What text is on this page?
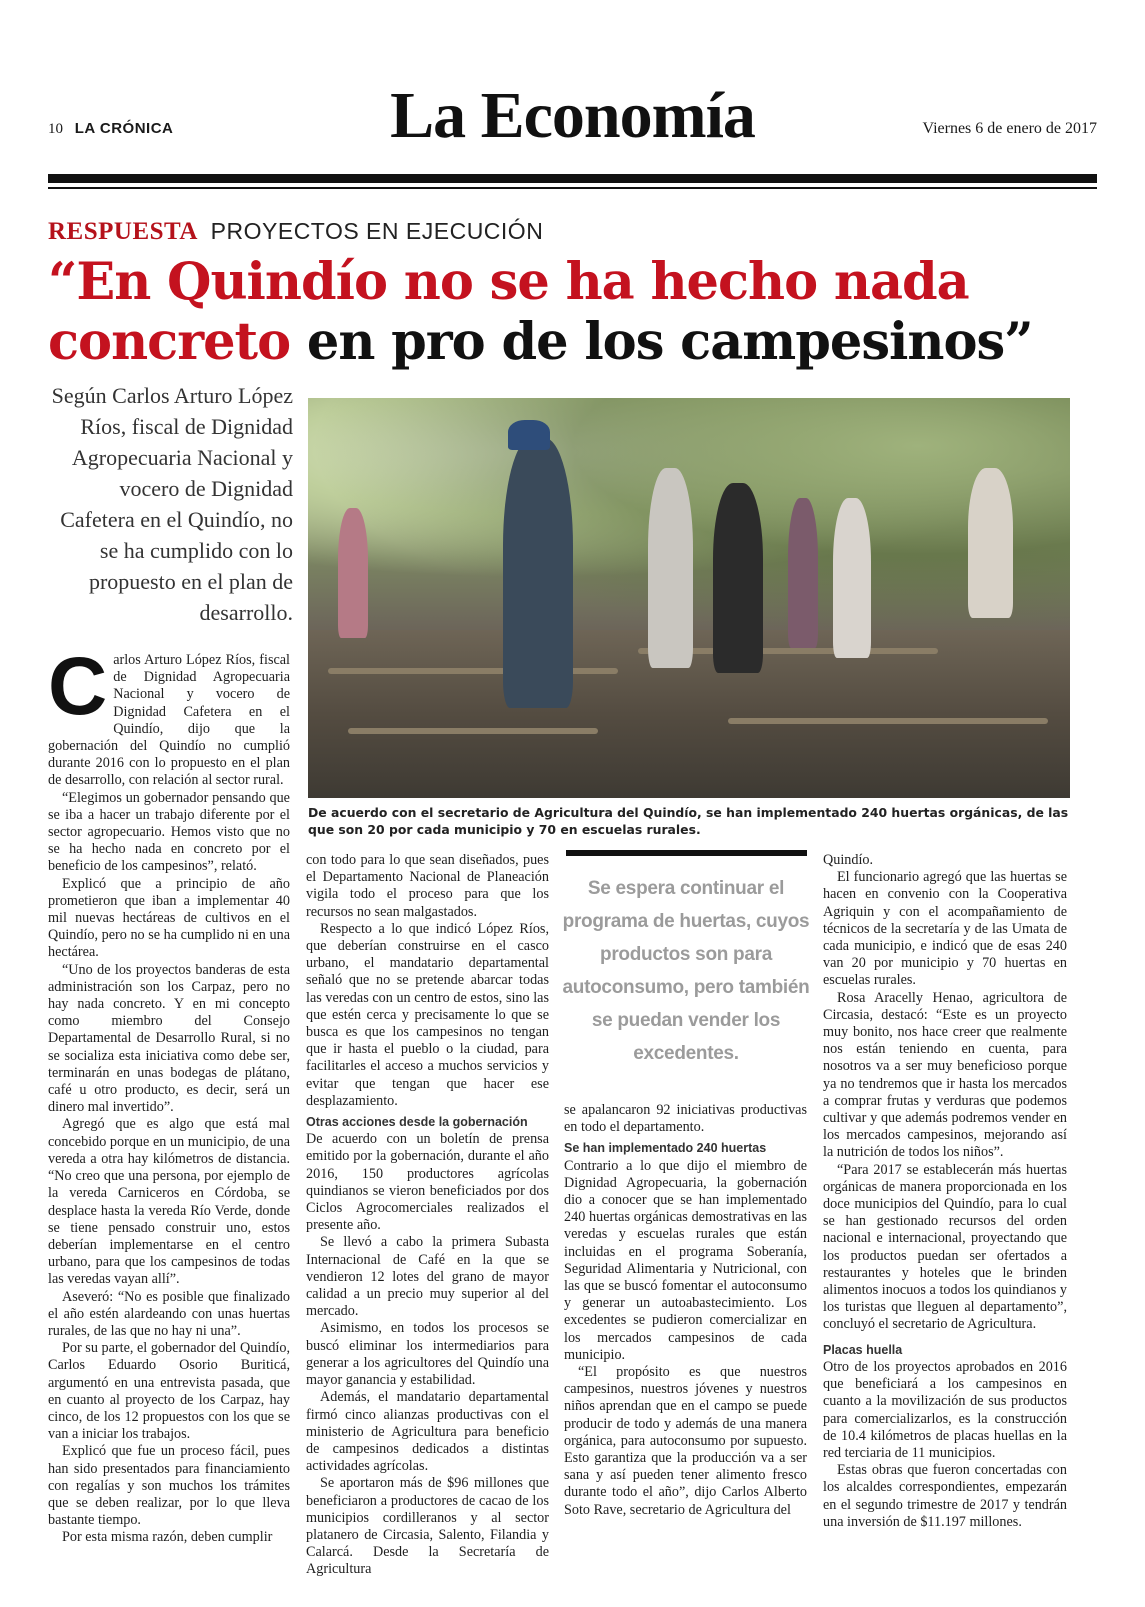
10 LA CRÓNICA	La Economía	Viernes 6 de enero de 2017
RESPUESTA PROYECTOS EN EJECUCIÓN
“En Quindío no se ha hecho nada concreto en pro de los campesinos”
Según Carlos Arturo López Ríos, fiscal de Dignidad Agropecuaria Nacional y vocero de Dignidad Cafetera en el Quindío, no se ha cumplido con lo propuesto en el plan de desarrollo.
De acuerdo con el secretario de Agricultura del Quindío, se han implementado 240 huertas orgánicas, de las que son 20 por cada municipio y 70 en escuelas rurales.

Carlos Arturo López Ríos, fiscal de Dignidad Agropecuaria Nacional y vocero de Dignidad Cafetera en el Quindío, dijo que la gobernación del Quindío no cumplió durante 2016 con lo propuesto en el plan de desarrollo, con relación al sector rural.

“Elegimos un gobernador pensando que se iba a hacer un trabajo diferente por el sector agropecuario. Hemos visto que no se ha hecho nada en concreto por el beneficio de los campesinos”, relató.

Explicó que a principio de año prometieron que iban a implementar 40 mil nuevas hectáreas de cultivos en el Quindío, pero no se ha cumplido ni en una hectárea.

“Uno de los proyectos banderas de esta administración son los Carpaz, pero no hay nada concreto. Y en mi concepto como miembro del Consejo Departamental de Desarrollo Rural, si no se socializa esta iniciativa como debe ser, terminarán en unas bodegas de plátano, café u otro producto, es decir, será un dinero mal invertido”.

Agregó que es algo que está mal concebido porque en un municipio, de una vereda a otra hay kilómetros de distancia. “No creo que una persona, por ejemplo de la vereda Carniceros en Córdoba, se desplace hasta la vereda Río Verde, donde se tiene pensado construir uno, estos deberían implementarse en el centro urbano, para que los campesinos de todas las veredas vayan allí”.

Aseveró: “No es posible que finalizado el año estén alardeando con unas huertas rurales, de las que no hay ni una”.

Por su parte, el gobernador del Quindío, Carlos Eduardo Osorio Buriticá, argumentó en una entrevista pasada, que en cuanto al proyecto de los Carpaz, hay cinco, de los 12 propuestos con los que se van a iniciar los trabajos.

Explicó que fue un proceso fácil, pues han sido presentados para financiamiento con regalías y son muchos los trámites que se deben realizar, por lo que lleva bastante tiempo.

Por esta misma razón, deben cumplir

con todo para lo que sean diseñados, pues el Departamento Nacional de Planeación vigila todo el proceso para que los recursos no sean malgastados.

Respecto a lo que indicó López Ríos, que deberían construirse en el casco urbano, el mandatario departamental señaló que no se pretende abarcar todas las veredas con un centro de estos, sino las que estén cerca y precisamente lo que se busca es que los campesinos no tengan que ir hasta el pueblo o la ciudad, para facilitarles el acceso a muchos servicios y evitar que tengan que hacer ese desplazamiento.

Otras acciones desde la gobernación

De acuerdo con un boletín de prensa emitido por la gobernación, durante el año 2016, 150 productores agrícolas quindianos se vieron beneficiados por dos Ciclos Agrocomerciales realizados el presente año.

Se llevó a cabo la primera Subasta Internacional de Café en la que se vendieron 12 lotes del grano de mayor calidad a un precio muy superior al del mercado.

Asimismo, en todos los procesos se buscó eliminar los intermediarios para generar a los agricultores del Quindío una mayor ganancia y estabilidad.

Además, el mandatario departamental firmó cinco alianzas productivas con el ministerio de Agricultura para beneficio de campesinos dedicados a distintas actividades agrícolas.

Se aportaron más de $96 millones que beneficiaron a productores de cacao de los municipios cordilleranos y al sector platanero de Circasia, Salento, Filandia y Calarcá. Desde la Secretaría de Agricultura

Se espera continuar el programa de huertas, cuyos productos son para autoconsumo, pero también se puedan vender los excedentes.

se apalancaron 92 iniciativas productivas en todo el departamento.

Se han implementado 240 huertas

Contrario a lo que dijo el miembro de Dignidad Agropecuaria, la gobernación dio a conocer que se han implementado 240 huertas orgánicas demostrativas en las veredas y escuelas rurales que están incluidas en el programa Soberanía, Seguridad Alimentaria y Nutricional, con las que se buscó fomentar el autoconsumo y generar un autoabastecimiento. Los excedentes se pudieron comercializar en los mercados campesinos de cada municipio.

“El propósito es que nuestros campesinos, nuestros jóvenes y nuestros niños aprendan que en el campo se puede producir de todo y además de una manera orgánica, para autoconsumo por supuesto. Esto garantiza que la producción va a ser sana y así pueden tener alimento fresco durante todo el año”, dijo Carlos Alberto Soto Rave, secretario de Agricultura del

Quindío.

El funcionario agregó que las huertas se hacen en convenio con la Cooperativa Agriquin y con el acompañamiento de técnicos de la secretaría y de las Umata de cada municipio, e indicó que de esas 240 van 20 por municipio y 70 huertas en escuelas rurales.

Rosa Aracelly Henao, agricultora de Circasia, destacó: “Este es un proyecto muy bonito, nos hace creer que realmente nos están teniendo en cuenta, para nosotros va a ser muy beneficioso porque ya no tendremos que ir hasta los mercados a comprar frutas y verduras que podemos cultivar y que además podremos vender en los mercados campesinos, mejorando así la nutrición de todos los niños”.

“Para 2017 se establecerán más huertas orgánicas de manera proporcionada en los doce municipios del Quindío, para lo cual se han gestionado recursos del orden nacional e internacional, proyectando que los productos puedan ser ofertados a restaurantes y hoteles que le brinden alimentos inocuos a todos los quindianos y los turistas que lleguen al departamento”, concluyó el secretario de Agricultura.

Placas huella

Otro de los proyectos aprobados en 2016 que beneficiará a los campesinos en cuanto a la movilización de sus productos para comercializarlos, es la construcción de 10.4 kilómetros de placas huellas en la red terciaria de 11 municipios.

Estas obras que fueron concertadas con los alcaldes correspondientes, empezarán en el segundo trimestre de 2017 y tendrán una inversión de $11.197 millones.
